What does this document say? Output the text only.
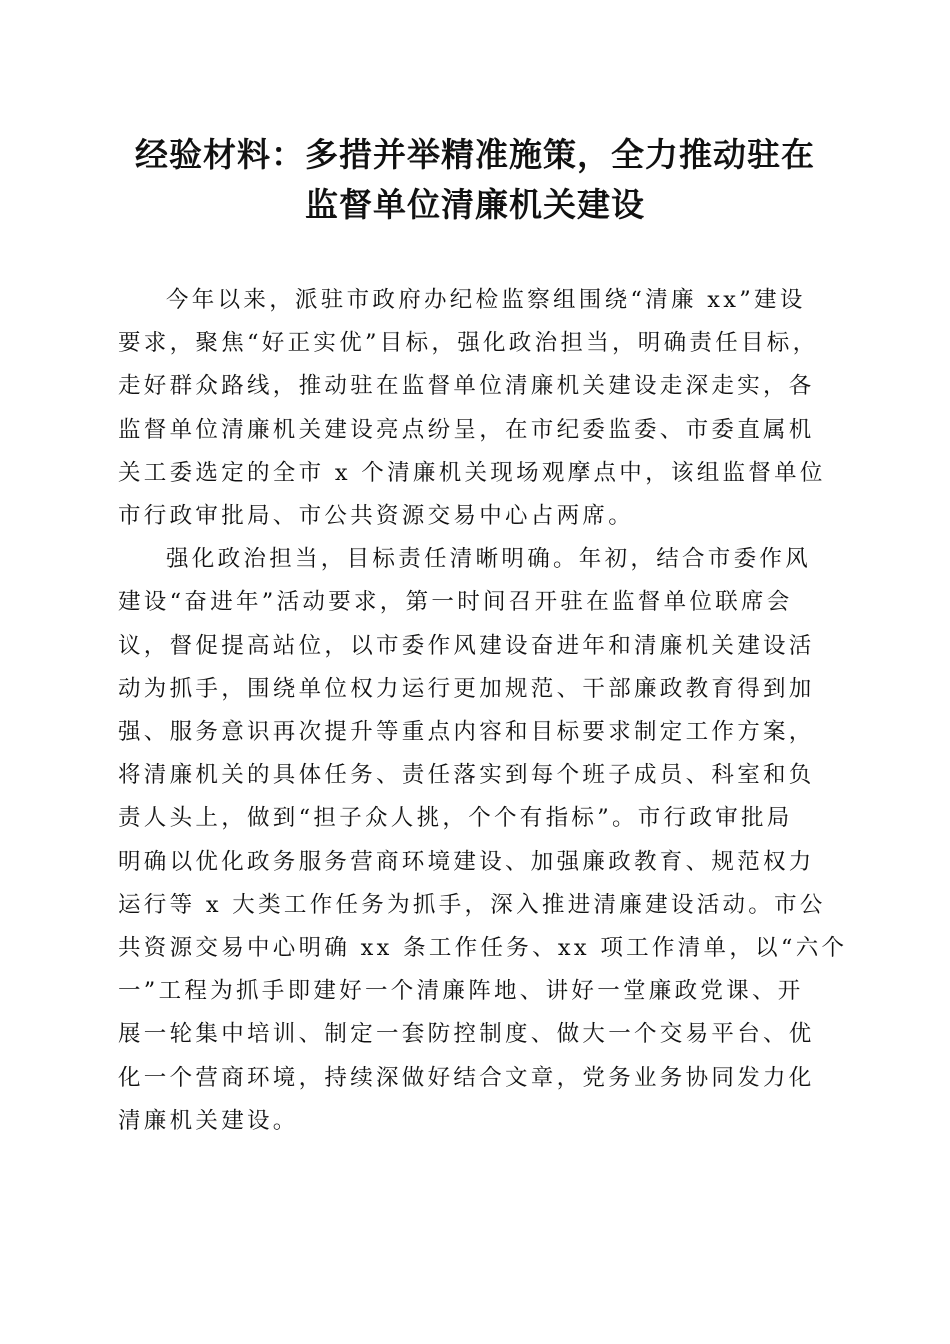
经验材料：多措并举精准施策，全力推动驻在
监督单位清廉机关建设

今年以来，派驻市政府办纪检监察组围绕“清廉 xx”建设
要求，聚焦“好正实优”目标，强化政治担当，明确责任目标，
走好群众路线，推动驻在监督单位清廉机关建设走深走实，各
监督单位清廉机关建设亮点纷呈，在市纪委监委、市委直属机
关工委选定的全市 x 个清廉机关现场观摩点中，该组监督单位
市行政审批局、市公共资源交易中心占两席。

强化政治担当，目标责任清晰明确。年初，结合市委作风
建设“奋进年”活动要求，第一时间召开驻在监督单位联席会
议，督促提高站位，以市委作风建设奋进年和清廉机关建设活
动为抓手，围绕单位权力运行更加规范、干部廉政教育得到加
强、服务意识再次提升等重点内容和目标要求制定工作方案，
将清廉机关的具体任务、责任落实到每个班子成员、科室和负
责人头上，做到“担子众人挑，个个有指标”。市行政审批局
明确以优化政务服务营商环境建设、加强廉政教育、规范权力
运行等 x 大类工作任务为抓手，深入推进清廉建设活动。市公
共资源交易中心明确 xx 条工作任务、xx 项工作清单，以“六个
一”工程为抓手即建好一个清廉阵地、讲好一堂廉政党课、开
展一轮集中培训、制定一套防控制度、做大一个交易平台、优
化一个营商环境，持续深做好结合文章，党务业务协同发力化
清廉机关建设。
